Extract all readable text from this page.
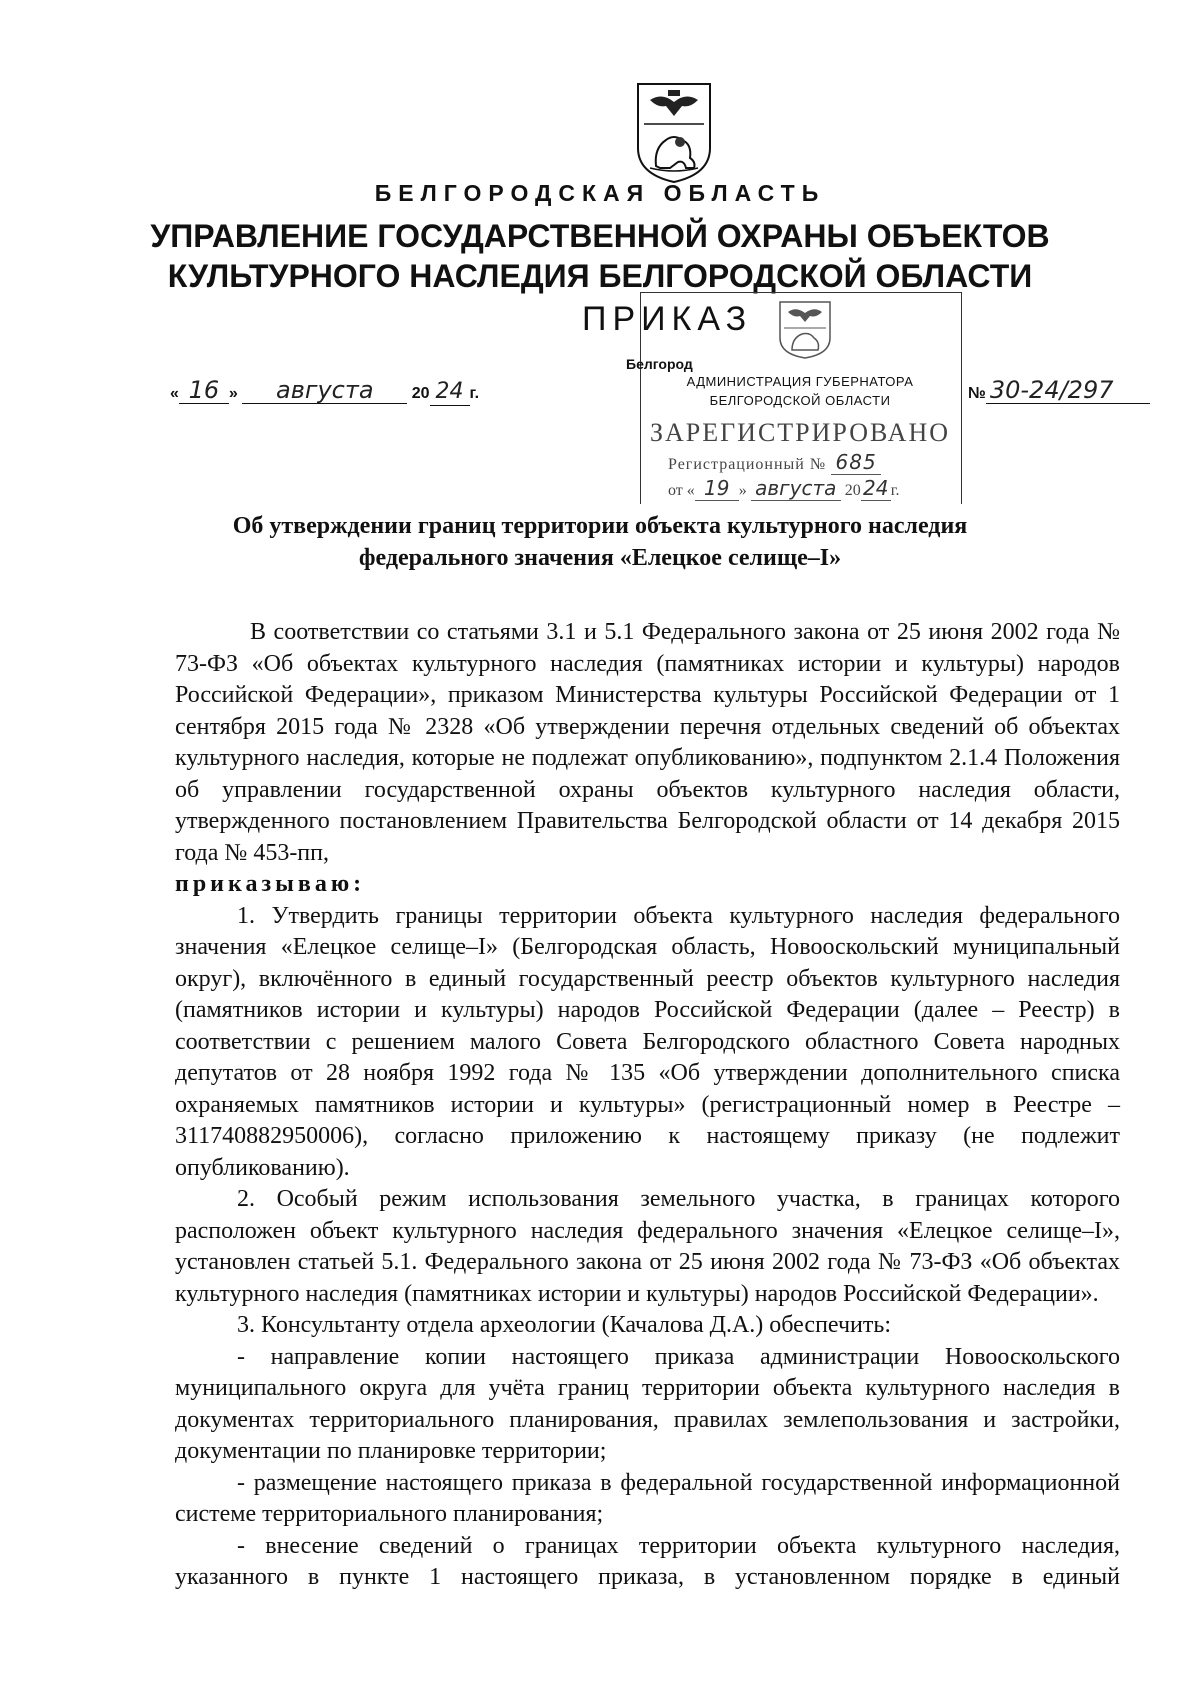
БЕЛГОРОДСКАЯ ОБЛАСТЬ
УПРАВЛЕНИЕ ГОСУДАРСТВЕННОЙ ОХРАНЫ ОБЪЕКТОВ
КУЛЬТУРНОГО НАСЛЕДИЯ БЕЛГОРОДСКОЙ ОБЛАСТИ
АДМИНИСТРАЦИЯ ГУБЕРНАТОРА
БЕЛГОРОДСКОЙ ОБЛАСТИ
ЗАРЕГИСТРИРОВАНО
Регистрационный № 685
от « 19 » августа 20 24 г.
ПРИКАЗ
Белгород
« 16 » августа 20 24 г.	№ 30-24/297
Об утверждении границ территории объекта культурного наследия
федерального значения «Елецкое селище–I»

В соответствии со статьями 3.1 и 5.1 Федерального закона от 25 июня 2002 года № 73-ФЗ «Об объектах культурного наследия (памятниках истории и культуры) народов Российской Федерации», приказом Министерства культуры Российской Федерации от 1 сентября 2015 года № 2328 «Об утверждении перечня отдельных сведений об объектах культурного наследия, которые не подлежат опубликованию», подпунктом 2.1.4 Положения об управлении государственной охраны объектов культурного наследия области, утвержденного постановлением Правительства Белгородской области от 14 декабря 2015 года № 453-пп,

приказываю:

1. Утвердить границы территории объекта культурного наследия федерального значения «Елецкое селище–I» (Белгородская область, Новооскольский муниципальный округ), включённого в единый государственный реестр объектов культурного наследия (памятников истории и культуры) народов Российской Федерации (далее – Реестр) в соответствии с решением малого Совета Белгородского областного Совета народных депутатов от 28 ноября 1992 года № 135 «Об утверждении дополнительного списка охраняемых памятников истории и культуры» (регистрационный номер в Реестре – 311740882950006), согласно приложению к настоящему приказу (не подлежит опубликованию).

2. Особый режим использования земельного участка, в границах которого расположен объект культурного наследия федерального значения «Елецкое селище–I», установлен статьей 5.1. Федерального закона от 25 июня 2002 года № 73-ФЗ «Об объектах культурного наследия (памятниках истории и культуры) народов Российской Федерации».

3. Консультанту отдела археологии (Качалова Д.А.) обеспечить:

- направление копии настоящего приказа администрации Новооскольского муниципального округа для учёта границ территории объекта культурного наследия в документах территориального планирования, правилах землепользования и застройки, документации по планировке территории;

- размещение настоящего приказа в федеральной государственной информационной системе территориального планирования;

- внесение сведений о границах территории объекта культурного наследия, указанного в пункте 1 настоящего приказа, в установленном порядке в единый
